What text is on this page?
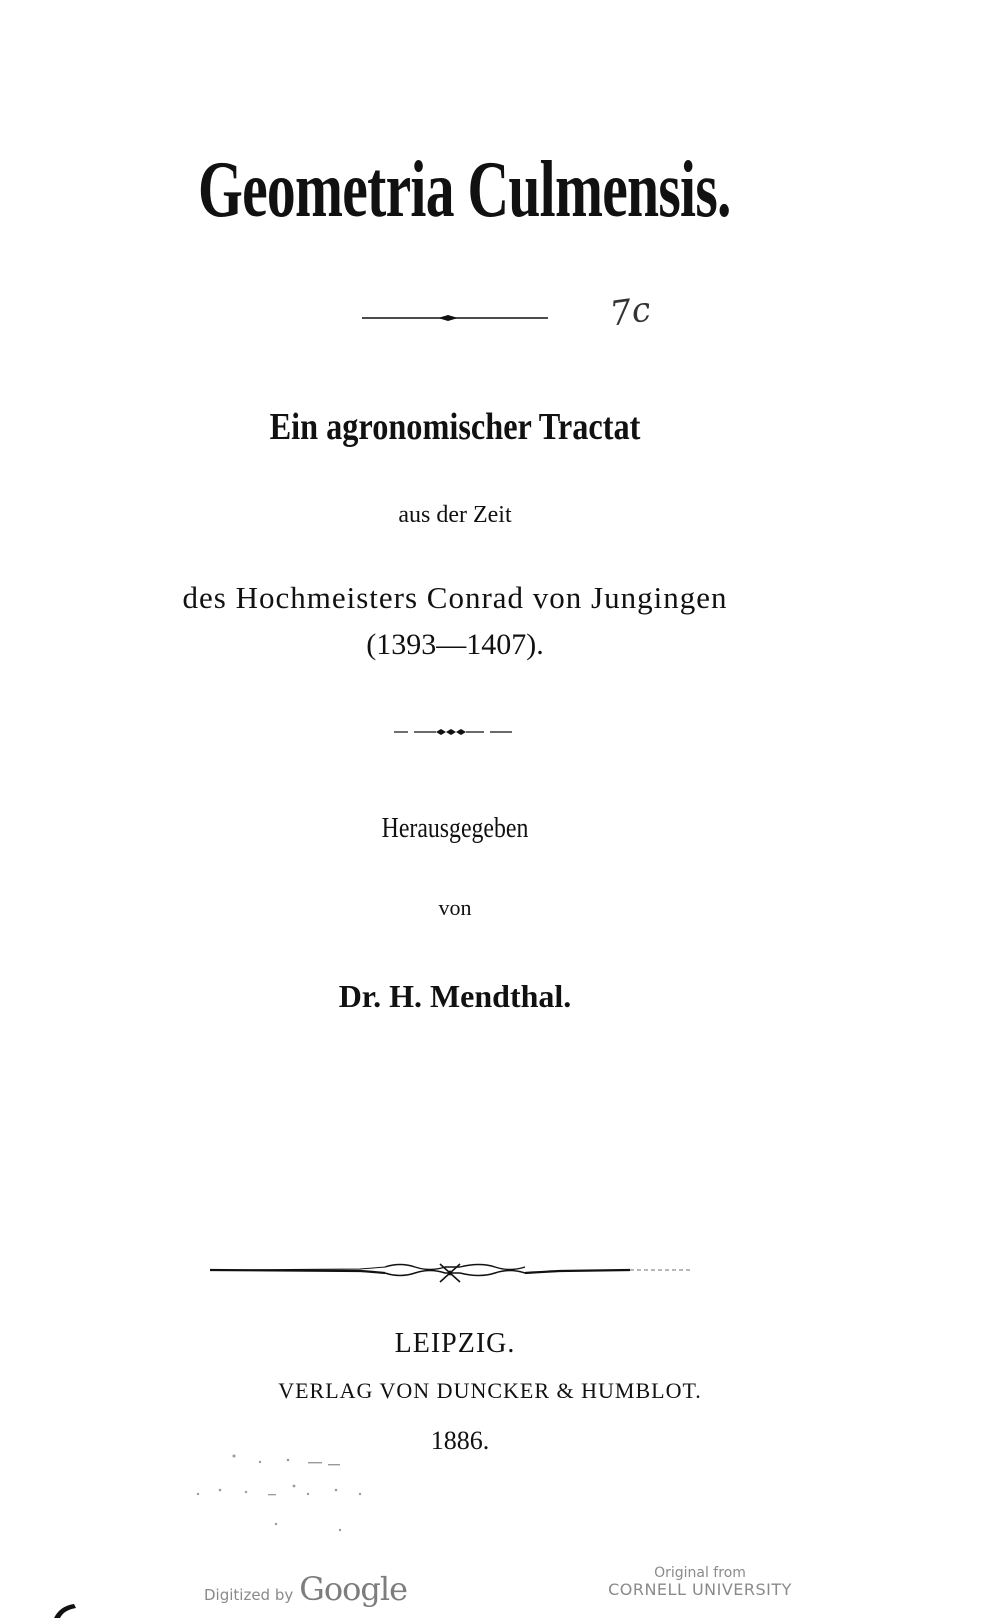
Geometria Culmensis.
7c
Ein agronomischer Tractat
aus der Zeit
des Hochmeisters Conrad von Jungingen
(1393—1407).
Herausgegeben
von
Dr. H. Mendthal.
LEIPZIG.
VERLAG VON DUNCKER & HUMBLOT.
1886.
Digitized by Google	Original from
CORNELL UNIVERSITY
